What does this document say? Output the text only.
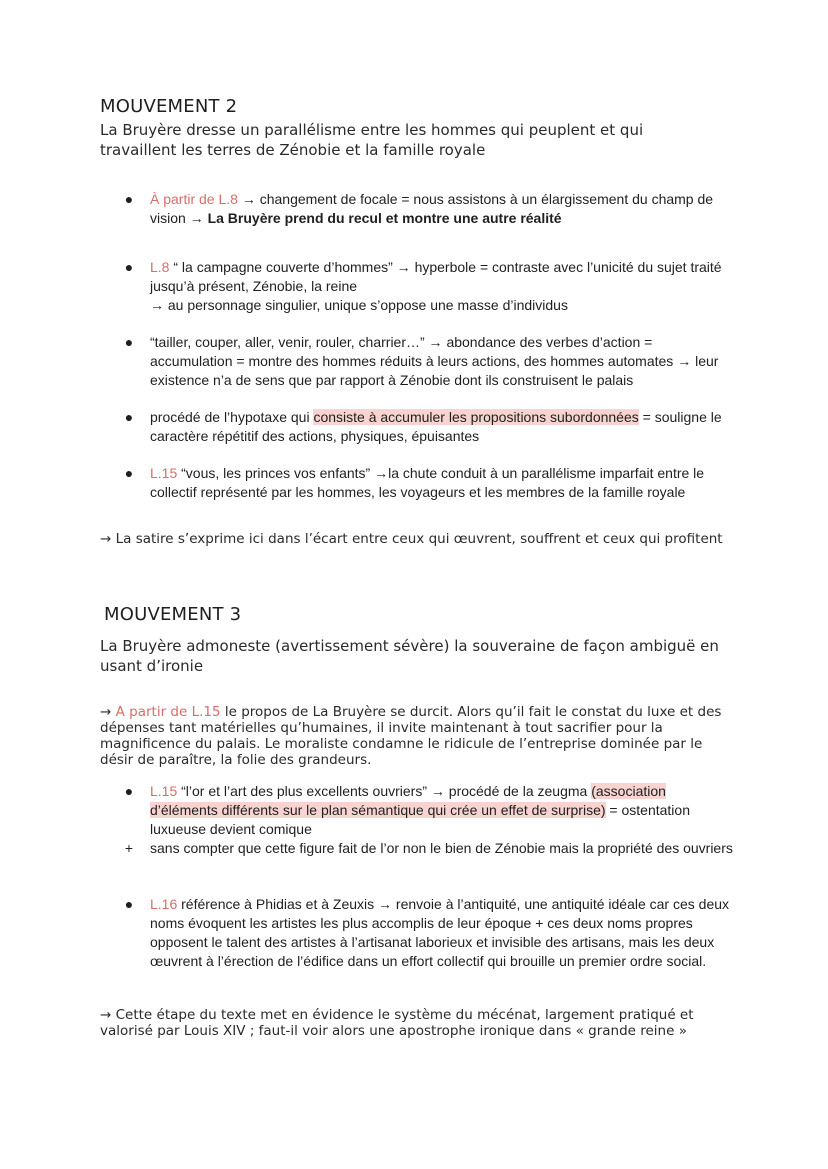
MOUVEMENT 2
La Bruyère dresse un parallélisme entre les hommes qui peuplent et qui travaillent les terres de Zénobie et la famille royale
● À partir de L.8 → changement de focale = nous assistons à un élargissement du champ de vision → La Bruyère prend du recul et montre une autre réalité
● L.8 “ la campagne couverte d’hommes” → hyperbole = contraste avec l’unicité du sujet traité jusqu’à présent, Zénobie, la reine
→ au personnage singulier, unique s’oppose une masse d’individus
● “tailler, couper, aller, venir, rouler, charrier…” → abondance des verbes d’action = accumulation = montre des hommes réduits à leurs actions, des hommes automates → leur existence n’a de sens que par rapport à Zénobie dont ils construisent le palais
● procédé de l’hypotaxe qui consiste à accumuler les propositions subordonnées = souligne le caractère répétitif des actions, physiques, épuisantes
● L.15 “vous, les princes vos enfants” →la chute conduit à un parallélisme imparfait entre le collectif représenté par les hommes, les voyageurs et les membres de la famille royale
→ La satire s’exprime ici dans l’écart entre ceux qui œuvrent, souffrent et ceux qui profitent
MOUVEMENT 3
La Bruyère admoneste (avertissement sévère) la souveraine de façon ambiguë en usant d’ironie
→ A partir de L.15 le propos de La Bruyère se durcit. Alors qu’il fait le constat du luxe et des dépenses tant matérielles qu’humaines, il invite maintenant à tout sacrifier pour la magnificence du palais. Le moraliste condamne le ridicule de l’entreprise dominée par le désir de paraître, la folie des grandeurs.
● L.15 “l’or et l’art des plus excellents ouvriers” → procédé de la zeugma (association d’éléments différents sur le plan sémantique qui crée un effet de surprise) = ostentation luxueuse devient comique
+ sans compter que cette figure fait de l’or non le bien de Zénobie mais la propriété des ouvriers
● L.16 référence à Phidias et à Zeuxis → renvoie à l’antiquité, une antiquité idéale car ces deux noms évoquent les artistes les plus accomplis de leur époque + ces deux noms propres opposent le talent des artistes à l’artisanat laborieux et invisible des artisans, mais les deux œuvrent à l’érection de l’édifice dans un effort collectif qui brouille un premier ordre social.
→ Cette étape du texte met en évidence le système du mécénat, largement pratiqué et valorisé par Louis XIV ; faut-il voir alors une apostrophe ironique dans « grande reine »
